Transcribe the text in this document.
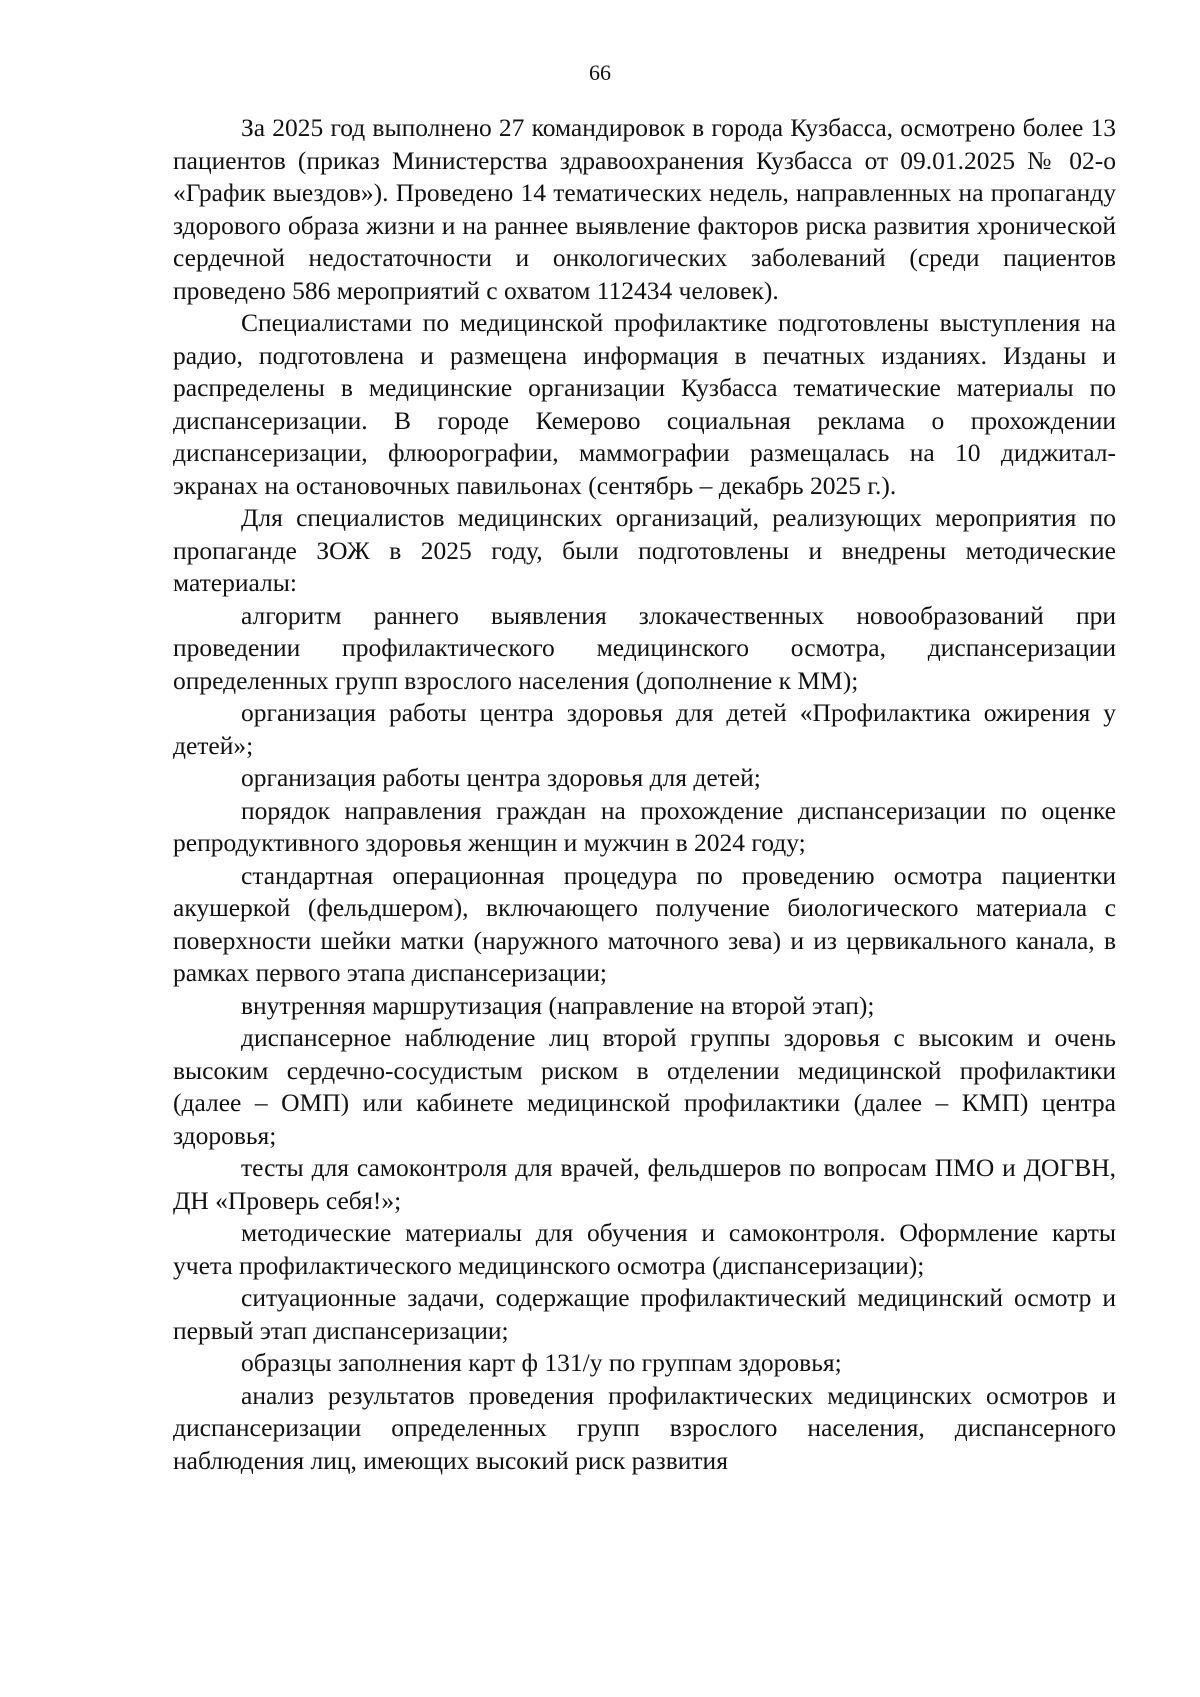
66

За 2025 год выполнено 27 командировок в города Кузбасса, осмотрено более 13 пациентов (приказ Министерства здравоохранения Кузбасса от 09.01.2025 № 02-о «График выездов»). Проведено 14 тематических недель, направленных на пропаганду здорового образа жизни и на раннее выявление факторов риска развития хронической сердечной недостаточности и онкологических заболеваний (среди пациентов проведено 586 мероприятий с охватом 112434 человек).

Специалистами по медицинской профилактике подготовлены выступления на радио, подготовлена и размещена информация в печатных изданиях. Изданы и распределены в медицинские организации Кузбасса тематические материалы по диспансеризации. В городе Кемерово социальная реклама о прохождении диспансеризации, флюорографии, маммографии размещалась на 10 диджитал-экранах на остановочных павильонах (сентябрь – декабрь 2025 г.).

Для специалистов медицинских организаций, реализующих мероприятия по пропаганде ЗОЖ в 2025 году, были подготовлены и внедрены методические материалы:

алгоритм раннего выявления злокачественных новообразований при проведении профилактического медицинского осмотра, диспансеризации определенных групп взрослого населения (дополнение к ММ);

организация работы центра здоровья для детей «Профилактика ожирения у детей»;

организация работы центра здоровья для детей;

порядок направления граждан на прохождение диспансеризации по оценке репродуктивного здоровья женщин и мужчин в 2024 году;

стандартная операционная процедура по проведению осмотра пациентки акушеркой (фельдшером), включающего получение биологического материала с поверхности шейки матки (наружного маточного зева) и из цервикального канала, в рамках первого этапа диспансеризации;

внутренняя маршрутизация (направление на второй этап);

диспансерное наблюдение лиц второй группы здоровья с высоким и очень высоким сердечно-сосудистым риском в отделении медицинской профилактики (далее – ОМП) или кабинете медицинской профилактики (далее – КМП) центра здоровья;

тесты для самоконтроля для врачей, фельдшеров по вопросам ПМО и ДОГВН, ДН «Проверь себя!»;

методические материалы для обучения и самоконтроля. Оформление карты учета профилактического медицинского осмотра (диспансеризации);

ситуационные задачи, содержащие профилактический медицинский осмотр и первый этап диспансеризации;

образцы заполнения карт ф 131/у по группам здоровья;

анализ результатов проведения профилактических медицинских осмотров и диспансеризации определенных групп взрослого населения, диспансерного наблюдения лиц, имеющих высокий риск развития
